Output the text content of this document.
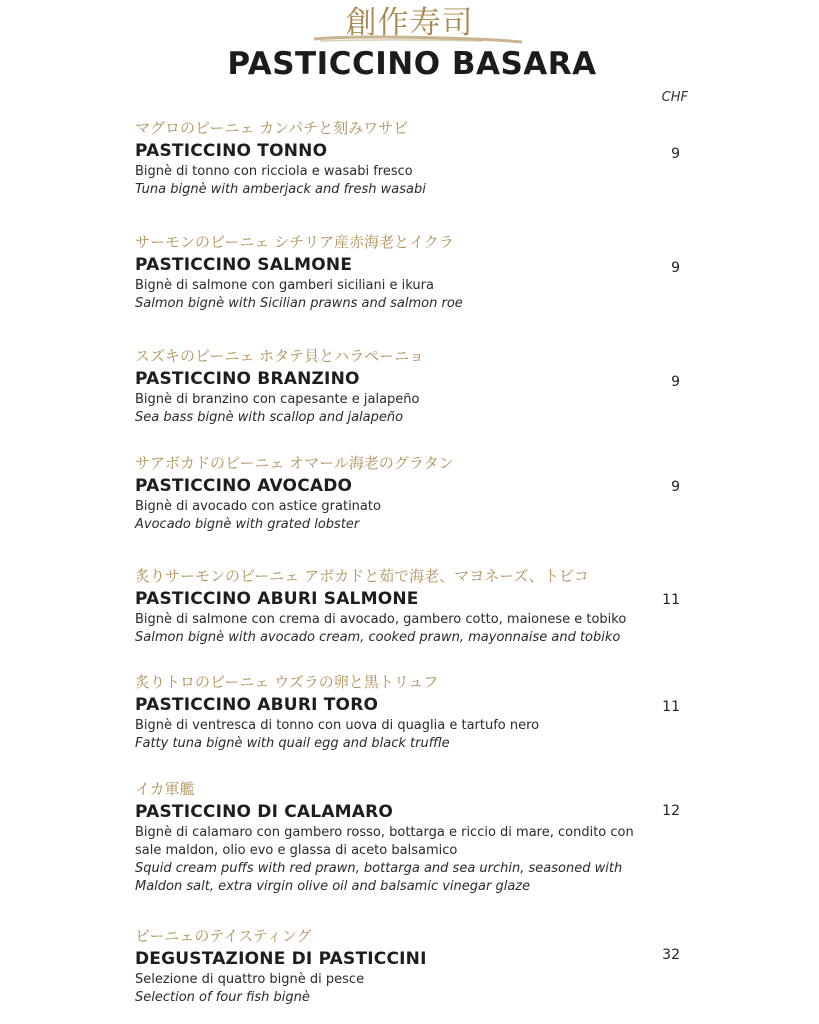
創作寿司
PASTICCINO BASARA
CHF
マグロのビーニェ カンパチと刻みワサビ
PASTICCINO TONNO
Bignè di tonno con ricciola e wasabi fresco
Tuna bignè with amberjack and fresh wasabi
9
サーモンのビーニェ シチリア産赤海老とイクラ
PASTICCINO SALMONE
Bignè di salmone con gamberi siciliani e ikura
Salmon bignè with Sicilian prawns and salmon roe
9
スズキのビーニェ ホタテ貝とハラペーニョ
PASTICCINO BRANZINO
Bignè di branzino con capesante e jalapeño
Sea bass bignè with scallop and jalapeño
9
サアボカドのビーニェ オマール海老のグラタン
PASTICCINO AVOCADO
Bignè di avocado con astice gratinato
Avocado bignè with grated lobster
9
炙りサーモンのビーニェ アボカドと茹で海老、マヨネーズ、トビコ
PASTICCINO ABURI SALMONE
Bignè di salmone con crema di avocado, gambero cotto, maionese e tobiko
Salmon bignè with avocado cream, cooked prawn, mayonnaise and tobiko
11
炙りトロのビーニェ ウズラの卵と黒トリュフ
PASTICCINO ABURI TORO
Bignè di ventresca di tonno con uova di quaglia e tartufo nero
Fatty tuna bignè with quail egg and black truffle
11
イカ軍艦
PASTICCINO DI CALAMARO
Bignè di calamaro con gambero rosso, bottarga e riccio di mare, condito con sale maldon, olio evo e glassa di aceto balsamico
Squid cream puffs with red prawn, bottarga and sea urchin, seasoned with Maldon salt, extra virgin olive oil and balsamic vinegar glaze
12
ビーニェのテイスティング
DEGUSTAZIONE DI PASTICCINI
Selezione di quattro bignè di pesce
Selection of four fish bignè
32
